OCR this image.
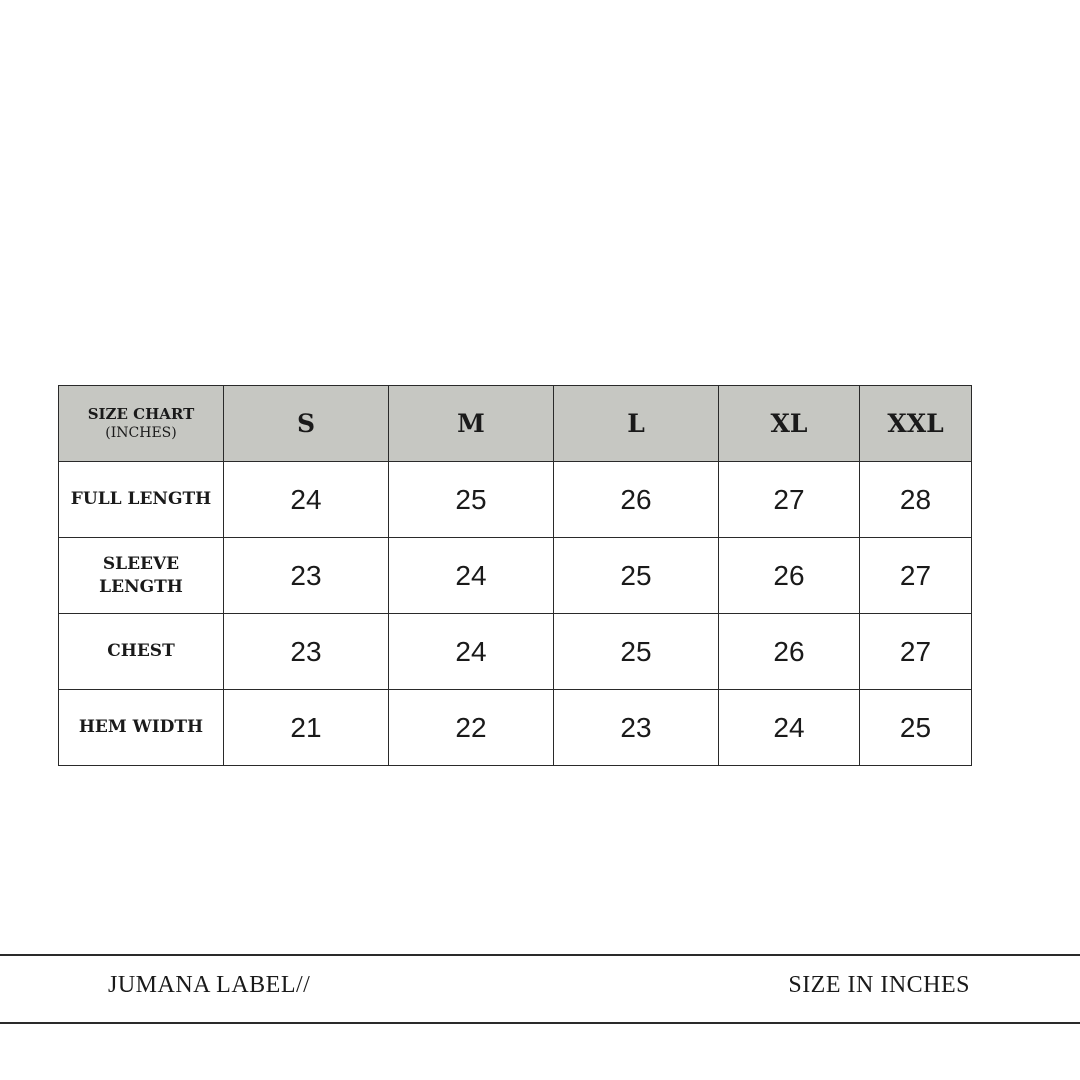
SIZE CHART
(INCHES)	S	M	L	XL	XXL
FULL LENGTH	24	25	26	27	28
SLEEVE LENGTH	23	24	25	26	27
CHEST	23	24	25	26	27
HEM WIDTH	21	22	23	24	25
JUMANA LABEL//	SIZE IN INCHES
